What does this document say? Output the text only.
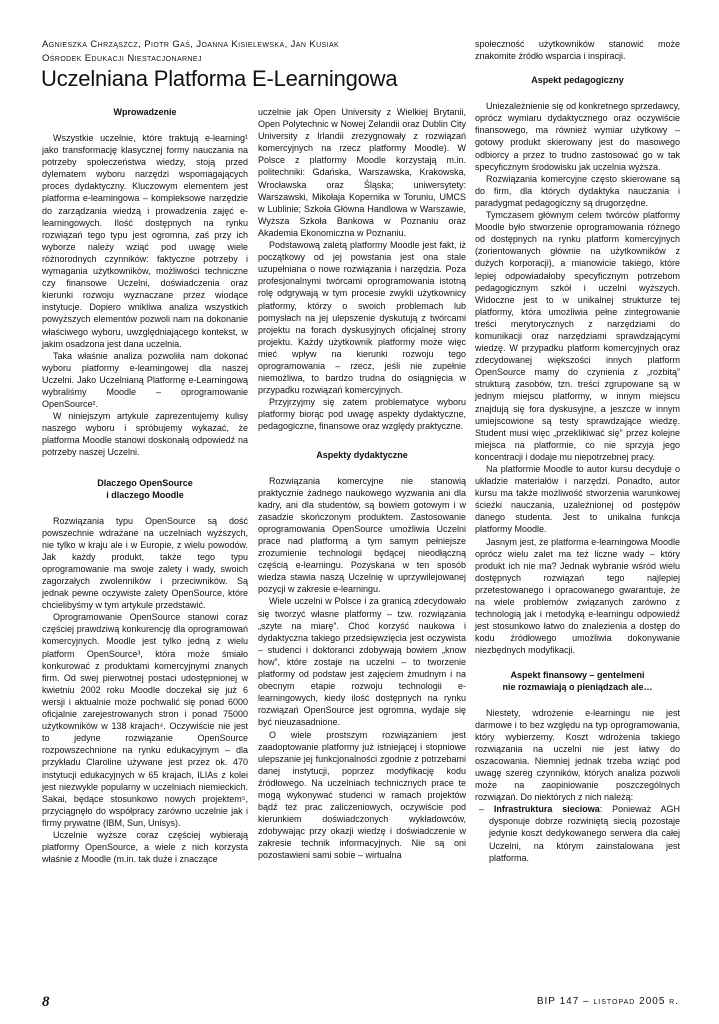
Agnieszka Chrząszcz, Piotr Gaś, Joanna Kisielewska, Jan Kusiak
Ośrodek Edukacji Niestacjonarnej
Uczelniana Platforma E-Learningowa
Wprowadzenie

Wszystkie uczelnie, które traktują e-learning¹ jako transformację klasycznej formy nauczania na potrzeby społeczeństwa wiedzy, stoją przed dylematem wyboru narzędzi wspomagających proces dydaktyczny. Kluczowym elementem jest platforma e-learningowa – kompleksowe narzędzie do zarządzania wiedzą i prowadzenia zajęć e-learningowych. Ilość dostępnych na rynku rozwiązań tego typu jest ogromna, zaś przy ich wyborze należy wziąć pod uwagę wiele różnorodnych czynników: faktyczne potrzeby i wymagania użytkowników, możliwości techniczne czy finansowe Uczelni, doświadczenia oraz kierunki rozwoju wyznaczane przez wiodące instytucje. Dopiero wnikliwa analiza wszystkich powyższych elementów pozwoli nam na dokonanie właściwego wyboru, uwzględniającego kontekst, w jakim osadzona jest dana uczelnia.

Taka właśnie analiza pozwoliła nam dokonać wyboru platformy e-learningowej dla naszej Uczelni. Jako Uczelnianą Platformę e-Learningową wybraliśmy Moodle – oprogramowanie OpenSource².

W niniejszym artykule zaprezentujemy kulisy naszego wyboru i spróbujemy wykazać, że platforma Moodle stanowi doskonałą odpowiedź na potrzeby naszej Uczelni.

Dlaczego OpenSource
i dlaczego Moodle

Rozwiązania typu OpenSource są dość powszechnie wdrażane na uczelniach wyższych, nie tylko w kraju ale i w Europie, z wielu powodów. Jak każdy produkt, także tego typu oprogramowanie ma swoje zalety i wady, swoich zagorzałych zwolenników i przeciwników. Są jednak pewne oczywiste zalety OpenSource, które chcielibyśmy w tym artykule przedstawić.

Oprogramowanie OpenSource stanowi coraz częściej prawdziwą konkurencję dla oprogramowań komercyjnych. Moodle jest tylko jedną z wielu platform OpenSource³, która może śmiało konkurować z produktami komercyjnymi znanych firm. Od swej pierwotnej postaci udostępnionej w kwietniu 2002 roku Moodle doczekał się już 6 wersji i aktualnie może pochwalić się ponad 6000 oficjalnie zarejestrowanych stron i ponad 75000 użytkowników w 138 krajach⁴. Oczywiście nie jest to jedyne rozwiązanie OpenSource rozpowszechnione na rynku edukacyjnym – dla przykładu Claroline używane jest przez ok. 470 instytucji edukacyjnych w 65 krajach, ILIAs z kolei jest niezwykle popularny w uczelniach niemieckich. Sakai, będące stosunkowo nowych projektem⁵, przyciągnęło do współpracy zarówno uczelnie jak i firmy prywatne (IBM, Sun, Unisys).

Uczelnie wyższe coraz częściej wybierają platformy OpenSource, a wiele z nich korzysta właśnie z Moodle (m.in. tak duże i znaczące

uczelnie jak Open University z Wielkiej Brytanii, Open Polytechnic w Nowej Zelandii oraz Dublin City University z Irlandii zrezygnowały z rozwiązań komercyjnych na rzecz platformy Moodle). W Polsce z platformy Moodle korzystają m.in. politechniki: Gdańska, Warszawska, Krakowska, Wrocławska oraz Śląska; uniwersytety: Warszawski, Mikołaja Kopernika w Toruniu, UMCS w Lublinie; Szkoła Główna Handlowa w Warszawie, Wyższa Szkoła Bankowa w Poznaniu oraz Akademia Ekonomiczna w Poznaniu.

Podstawową zaletą platformy Moodle jest fakt, iż początkowy od jej powstania jest ona stale uzupełniana o nowe rozwiązania i narzędzia. Poza profesjonalnymi twórcami oprogramowania istotną rolę odgrywają w tym procesie zwykli użytkownicy platformy, którzy o swoich problemach lub pomysłach na jej ulepszenie dyskutują z twórcami projektu na forach dyskusyjnych oficjalnej strony projektu. Każdy użytkownik platformy może więc mieć wpływ na kierunki rozwoju tego oprogramowania – rzecz, jeśli nie zupełnie niemożliwa, to bardzo trudna do osiągnięcia w przypadku rozwiązań komercyjnych.

Przyjrzyjmy się zatem problematyce wyboru platformy biorąc pod uwagę aspekty dydaktyczne, pedagogiczne, finansowe oraz względy praktyczne.

Aspekty dydaktyczne

Rozwiązania komercyjne nie stanowią praktycznie żadnego naukowego wyzwania ani dla kadry, ani dla studentów, są bowiem gotowym i w zasadzie skończonym produktem. Zastosowanie oprogramowania OpenSource umożliwia Uczelni prace nad platformą a tym samym pełniejsze zrozumienie technologii będącej nieodłączną częścią e-learningu. Pozyskana w ten sposób wiedza stawia naszą Uczelnię w uprzywilejowanej pozycji w zakresie e-learningu.

Wiele uczelni w Polsce i za granicą zdecydowało się tworzyć własne platformy – tzw. rozwiązania „szyte na miarę”. Choć korzyść naukowa i dydaktyczna takiego przedsięwzięcia jest oczywista – studenci i doktoranci zdobywają bowiem „know how”, które zostaje na uczelni – to tworzenie platformy od podstaw jest zajęciem żmudnym i na obecnym etapie rozwoju technologii e-learningowych, kiedy ilość dostępnych na rynku rozwiązań OpenSource jest ogromna, wydaje się być nieuzasadnione.

O wiele prostszym rozwiązaniem jest zaadoptowanie platformy już istniejącej i stopniowe ulepszanie jej funkcjonalności zgodnie z potrzebami danej instytucji, poprzez modyfikację kodu źródłowego. Na uczelniach technicznych prace te mogą wykonywać studenci w ramach projektów bądź też prac zaliczeniowych, oczywiście pod kierunkiem doświadczonych wykładowców, zdobywając przy okazji wiedzę i doświadczenie w zakresie technik informacyjnych. Nie są oni pozostawieni sami sobie – wirtualna

społeczność użytkowników stanowić może znakomite źródło wsparcia i inspiracji.

Aspekt pedagogiczny

Uniezależnienie się od konkretnego sprzedawcy, oprócz wymiaru dydaktycznego oraz oczywiście finansowego, ma również wymiar użytkowy – gotowy produkt skierowany jest do masowego odbiorcy a przez to trudno zastosować go w tak specyficznym środowisku jak uczelnia wyższa.

Rozwiązania komercyjne często skierowane są do firm, dla których dydaktyka nauczania i paradygmat pedagogiczny są drugorzędne.

Tymczasem głównym celem twórców platformy Moodle było stworzenie oprogramowania różnego od dostępnych na rynku platform komercyjnych (zorientowanych głównie na użytkowników z dużych korporacji), a mianowicie takiego, które lepiej odpowiadałoby specyficznym potrzebom pedagogicznym szkół i uczelni wyższych. Widoczne jest to w unikalnej strukturze tej platformy, która umożliwia pełne zintegrowanie treści merytorycznych z narzędziami do komunikacji oraz narzędziami sprawdzającymi wiedzę. W przypadku platform komercyjnych oraz zdecydowanej większości innych platform OpenSource mamy do czynienia z „rozbitą” strukturą zasobów, tzn. treści zgrupowane są w jednym miejscu platformy, w innym miejscu znajdują się fora dyskusyjne, a jeszcze w innym umiejscowione są testy sprawdzające wiedzę. Student musi więc „przeklikiwać się” przez kolejne miejsca na platformie, co nie sprzyja jego koncentracji i dodaje mu niepotrzebnej pracy.

Na platformie Moodle to autor kursu decyduje o układzie materiałów i narzędzi. Ponadto, autor kursu ma także możliwość stworzenia warunkowej ścieżki nauczania, uzależnionej od postępów danego studenta. Jest to unikalna funkcja platformy Moodle.

Jasnym jest, że platforma e-learningowa Moodle oprócz wielu zalet ma też liczne wady – który produkt ich nie ma? Jednak wybranie wśród wielu dostępnych rozwiązań tego najlepiej przetestowanego i opracowanego gwarantuje, że na wiele problemów związanych zarówno z technologią jak i metodyką e-learningu odpowiedź jest stosunkowo łatwo do znalezienia a dostęp do kodu źródłowego umożliwia dokonywanie niezbędnych modyfikacji.

Aspekt finansowy – gentelmeni
nie rozmawiają o pieniądzach ale…

Niestety, wdrożenie e-learningu nie jest darmowe i to bez względu na typ oprogramowania, który wybierzemy. Koszt wdrożenia takiego rozwiązania na uczelni nie jest łatwy do oszacowania. Niemniej jednak trzeba wziąć pod uwagę szereg czynników, których analiza pozwoli może na zaopiniowanie poszczególnych rozwiązań. Do niektórych z nich należą:

– Infrastruktura sieciowa: Ponieważ AGH dysponuje dobrze rozwiniętą siecią pozostaje jedynie koszt dedykowanego serwera dla całej Uczelni, na którym zainstalowana jest platforma.
8	BIP 147 – listopad 2005 r.
